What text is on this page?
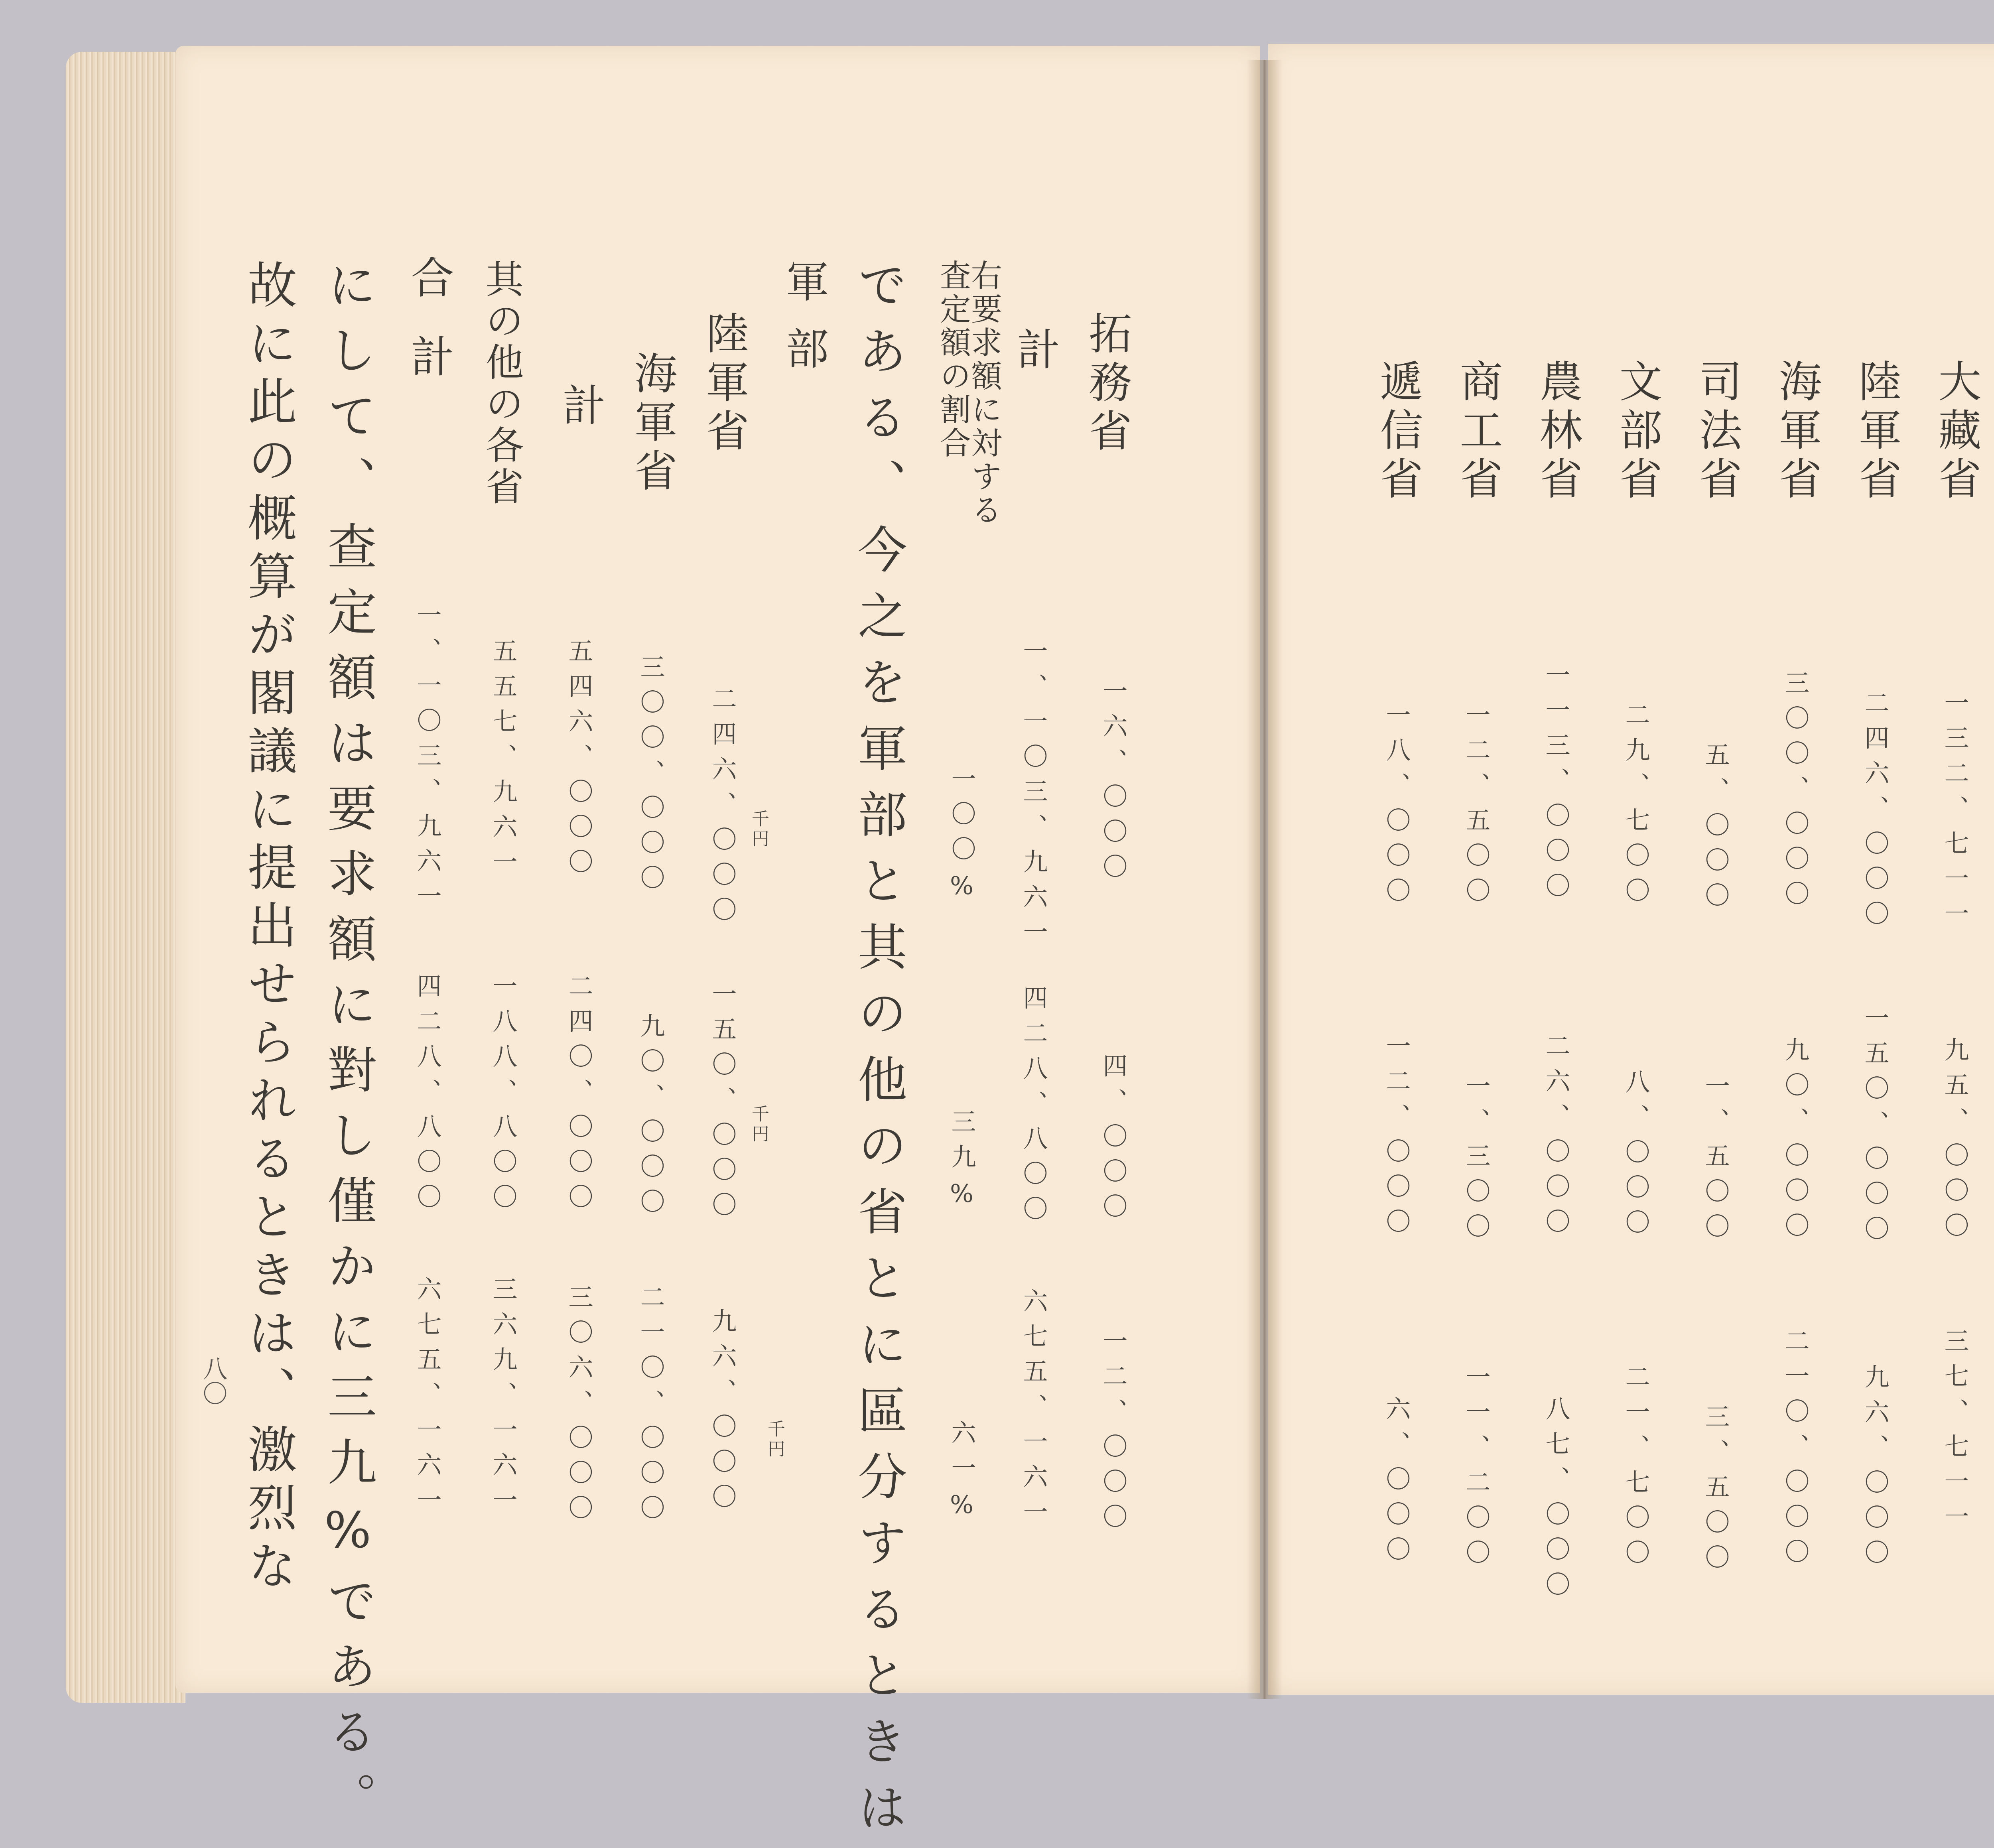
大藏省
一三二、七一一
九五、〇〇〇
三七、七一一
陸軍省
二四六、〇〇〇
一五〇、〇〇〇
九六、〇〇〇
海軍省
三〇〇、〇〇〇
九〇、〇〇〇
二一〇、〇〇〇
司法省
五、〇〇〇
一、五〇〇
三、五〇〇
文部省
二九、七〇〇
八、〇〇〇
二一、七〇〇
農林省
一一三、〇〇〇
二六、〇〇〇
八七、〇〇〇
商工省
一二、五〇〇
一、三〇〇
一一、二〇〇
遞信省
一八、〇〇〇
一二、〇〇〇
六、〇〇〇
拓務省
一六、〇〇〇
四、〇〇〇
一二、〇〇〇
計
一、一〇三、九六一
四二八、八〇〇
六七五、一六一
右要求額に対する 査定額の割合
一〇〇%
三九%
六一%
である、今之を軍部と其の他の省とに區分するときは
軍部
陸軍省
二四六、〇〇〇
一五〇、〇〇〇
九六、〇〇〇
千円
千円
千円
海軍省
三〇〇、〇〇〇
九〇、〇〇〇
二一〇、〇〇〇
計
五四六、〇〇〇
二四〇、〇〇〇
三〇六、〇〇〇
其の他の各省
五五七、九六一
一八八、八〇〇
三六九、一六一
合計
一、一〇三、九六一
四二八、八〇〇
六七五、一六一
にして、查定額は要求額に對し僅かに三九%である。
故に此の概算が閣議に提出せられるときは、激烈な
八〇
